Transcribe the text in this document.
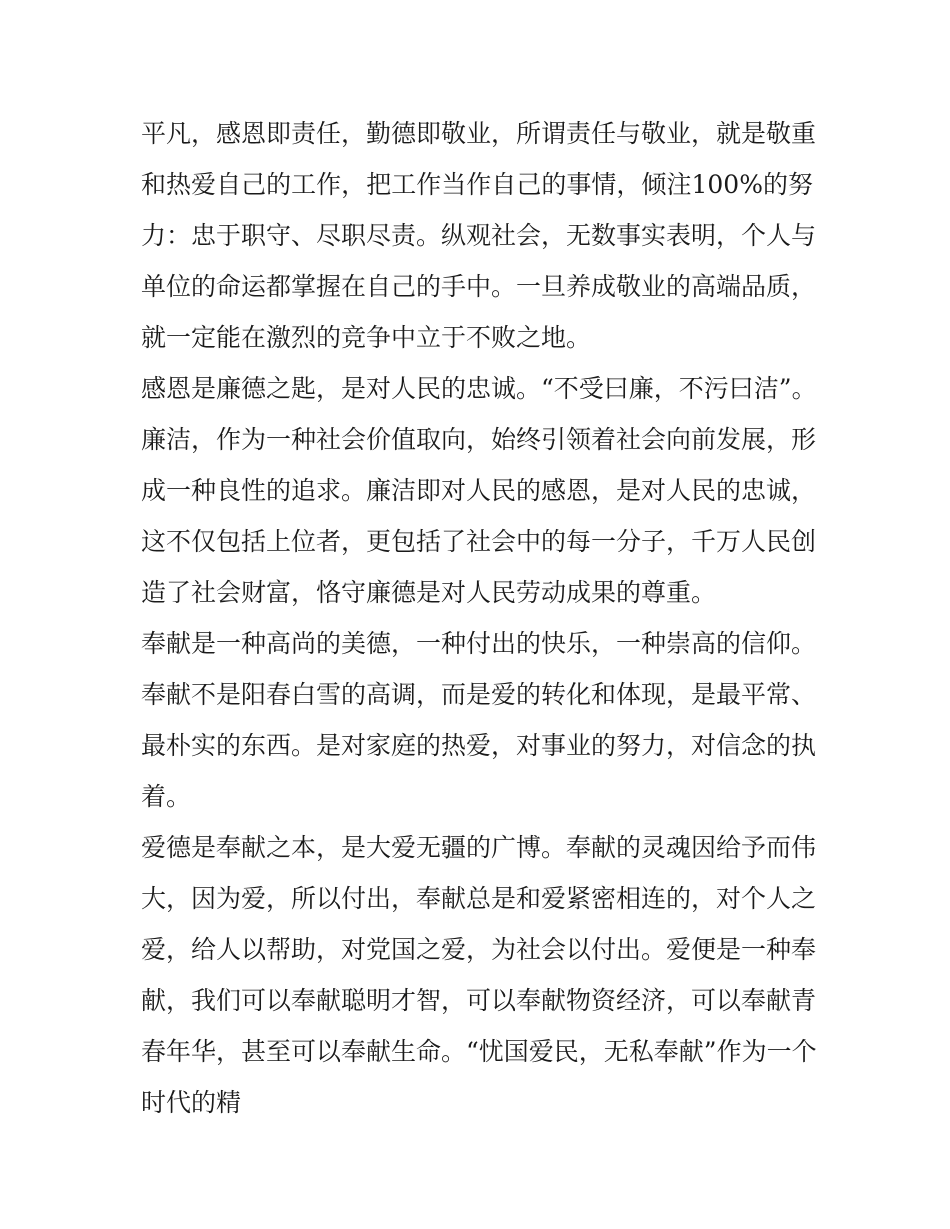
平凡，感恩即责任，勤德即敬业，所谓责任与敬业，就是敬重
和热爱自己的工作，把工作当作自己的事情，倾注100%的努
力：忠于职守、尽职尽责。纵观社会，无数事实表明，个人与
单位的命运都掌握在自己的手中。一旦养成敬业的高端品质，
就一定能在激烈的竞争中立于不败之地。
感恩是廉德之匙，是对人民的忠诚。“不受曰廉，不污曰洁”。
廉洁，作为一种社会价值取向，始终引领着社会向前发展，形
成一种良性的追求。廉洁即对人民的感恩，是对人民的忠诚，
这不仅包括上位者，更包括了社会中的每一分子，千万人民创
造了社会财富，恪守廉德是对人民劳动成果的尊重。
奉献是一种高尚的美德，一种付出的快乐，一种崇高的信仰。
奉献不是阳春白雪的高调，而是爱的转化和体现，是最平常、
最朴实的东西。是对家庭的热爱，对事业的努力，对信念的执
着。
爱德是奉献之本，是大爱无疆的广博。奉献的灵魂因给予而伟
大，因为爱，所以付出，奉献总是和爱紧密相连的，对个人之
爱，给人以帮助，对党国之爱，为社会以付出。爱便是一种奉
献，我们可以奉献聪明才智，可以奉献物资经济，可以奉献青
春年华，甚至可以奉献生命。“忧国爱民，无私奉献”作为一个
时代的精
